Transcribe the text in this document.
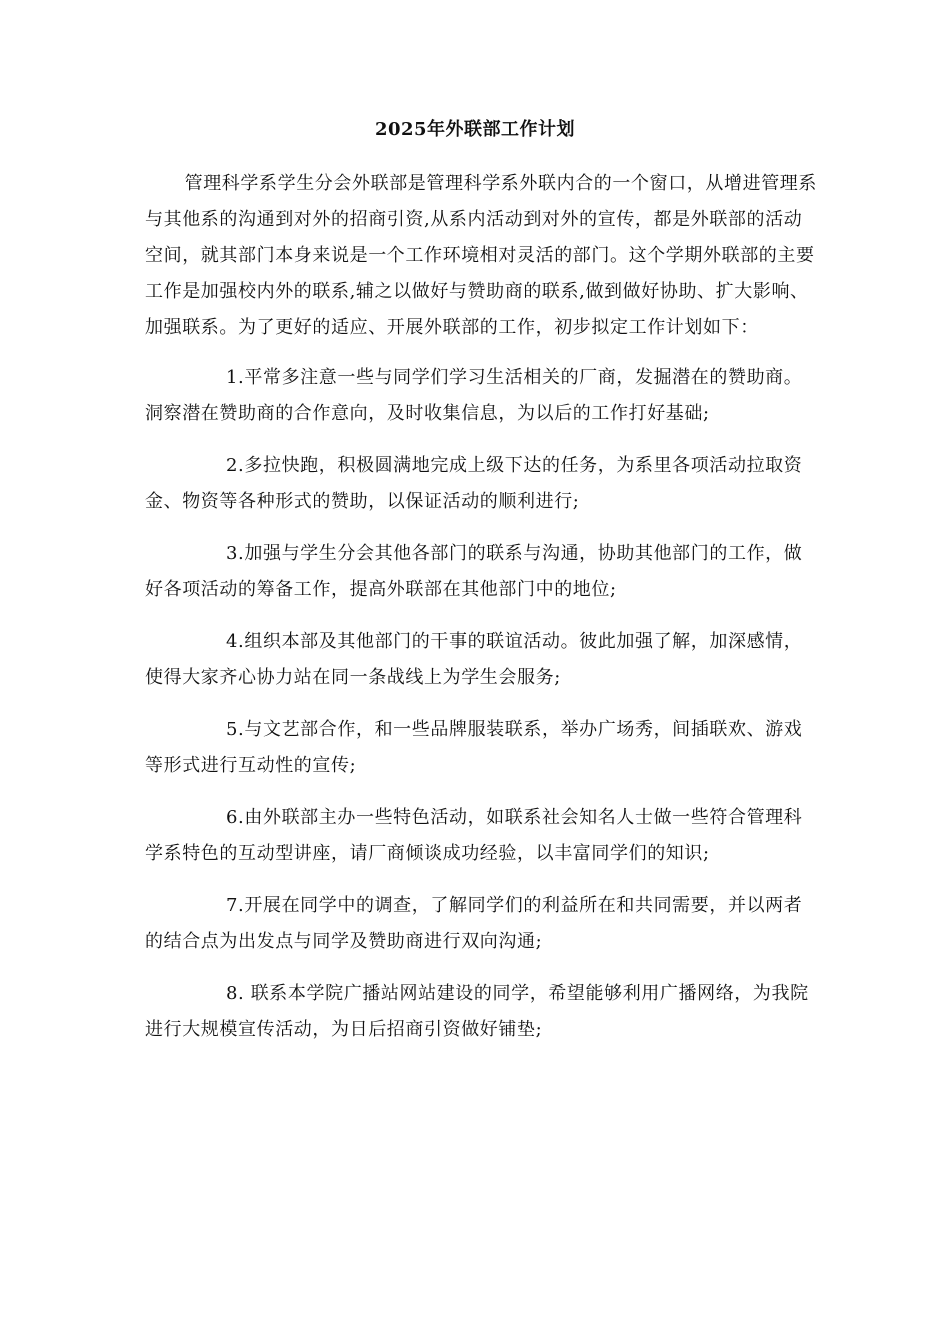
2025年外联部工作计划

管理科学系学生分会外联部是管理科学系外联内合的一个窗口，从增进管理系与其他系的沟通到对外的招商引资,从系内活动到对外的宣传，都是外联部的活动空间，就其部门本身来说是一个工作环境相对灵活的部门。这个学期外联部的主要工作是加强校内外的联系,辅之以做好与赞助商的联系,做到做好协助、扩大影响、加强联系。为了更好的适应、开展外联部的工作，初步拟定工作计划如下：

1.平常多注意一些与同学们学习生活相关的厂商，发掘潜在的赞助商。洞察潜在赞助商的合作意向，及时收集信息，为以后的工作打好基础;

2.多拉快跑，积极圆满地完成上级下达的任务，为系里各项活动拉取资金、物资等各种形式的赞助，以保证活动的顺利进行;

3.加强与学生分会其他各部门的联系与沟通，协助其他部门的工作，做好各项活动的筹备工作，提高外联部在其他部门中的地位;

4.组织本部及其他部门的干事的联谊活动。彼此加强了解，加深感情，使得大家齐心协力站在同一条战线上为学生会服务;

5.与文艺部合作，和一些品牌服装联系，举办广场秀，间插联欢、游戏等形式进行互动性的宣传;

6.由外联部主办一些特色活动，如联系社会知名人士做一些符合管理科学系特色的互动型讲座，请厂商倾谈成功经验，以丰富同学们的知识;

7.开展在同学中的调查，了解同学们的利益所在和共同需要，并以两者的结合点为出发点与同学及赞助商进行双向沟通;

8. 联系本学院广播站网站建设的同学，希望能够利用广播网络，为我院进行大规模宣传活动，为日后招商引资做好铺垫;
